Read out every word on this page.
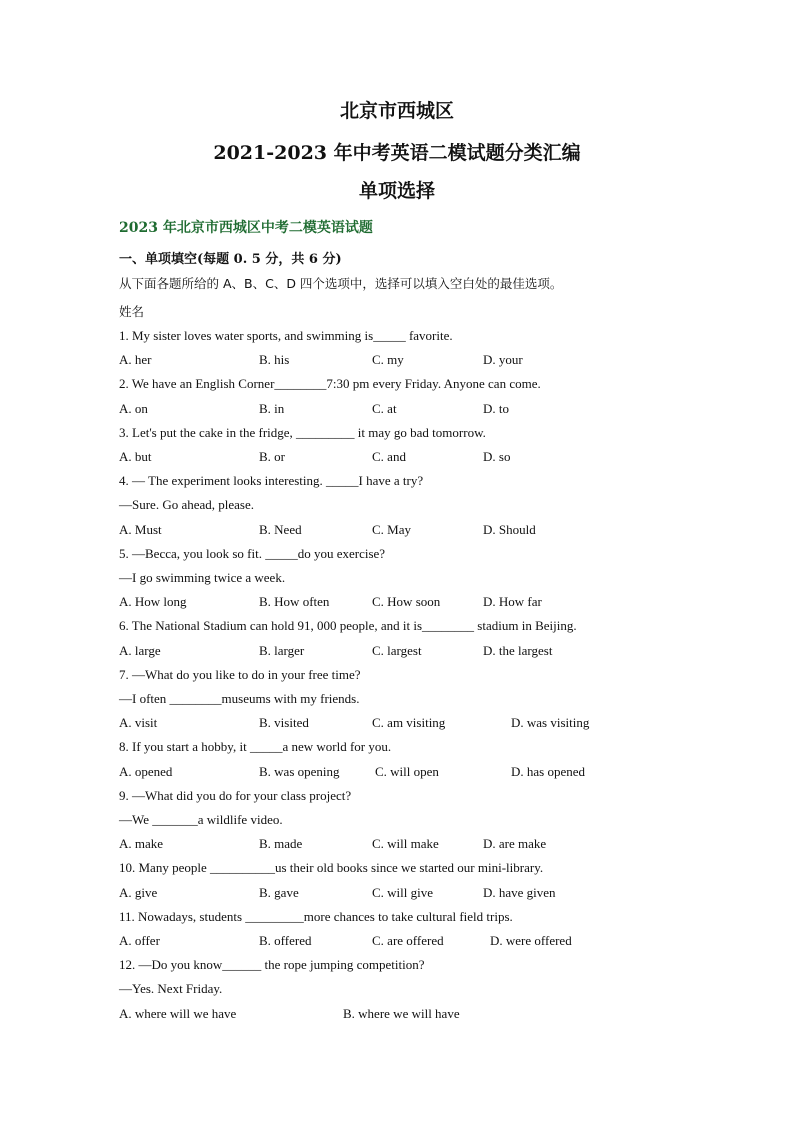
北京市西城区
2021-2023 年中考英语二模试题分类汇编
单项选择
2023 年北京市西城区中考二模英语试题
一、单项填空(每题 0. 5 分，共 6 分)
从下面各题所给的 A、B、C、D 四个选项中，选择可以填入空白处的最佳选项。
姓名
1. My sister loves water sports, and swimming is_____ favorite.
A. her	B. his	C. my	D. your
2. We have an English Corner________7:30 pm every Friday. Anyone can come.
A. on	B. in	C. at	D. to
3. Let's put the cake in the fridge, _________ it may go bad tomorrow.
A. but	B. or	C. and	D. so
4. — The experiment looks interesting. _____I have a try?
—Sure. Go ahead, please.
A. Must	B. Need	C. May	D. Should
5. —Becca, you look so fit. _____do you exercise?
—I go swimming twice a week.
A. How long	B. How often	C. How soon	D. How far
6. The National Stadium can hold 91, 000 people, and it is________ stadium in Beijing.
A. large	B. larger	C. largest	D. the largest
7. —What do you like to do in your free time?
—I often ________museums with my friends.
A. visit	B. visited	C. am visiting	D. was visiting
8. If you start a hobby, it _____a new world for you.
A. opened	B. was opening	C. will open	D. has opened
9. —What did you do for your class project?
—We _______a wildlife video.
A. make	B. made	C. will make	D. are make
10. Many people __________us their old books since we started our mini-library.
A. give	B. gave	C. will give	D. have given
11. Nowadays, students _________more chances to take cultural field trips.
A. offer	B. offered	C. are offered	D. were offered
12. —Do you know______ the rope jumping competition?
—Yes. Next Friday.
A. where will we have	B. where we will have
